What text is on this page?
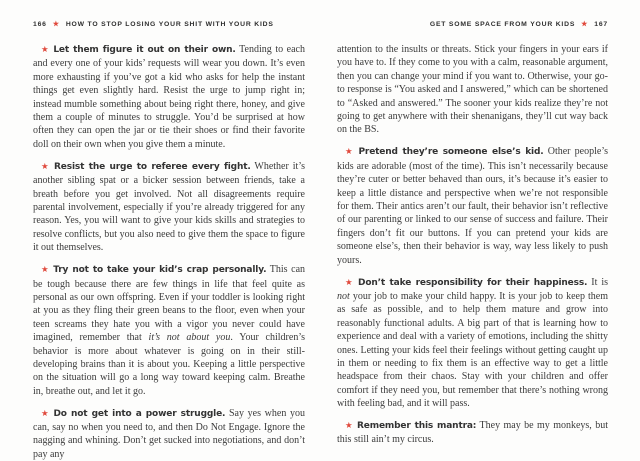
166 ★ HOW TO STOP LOSING YOUR SHIT WITH YOUR KIDS

★ Let them figure it out on their own. Tending to each and every one of your kids’ requests will wear you down. It’s even more exhausting if you’ve got a kid who asks for help the instant things get even slightly hard. Resist the urge to jump right in; instead mumble something about being right there, honey, and give them a couple of minutes to struggle. You’d be surprised at how often they can open the jar or tie their shoes or find their favorite doll on their own when you give them a minute.

★ Resist the urge to referee every fight. Whether it’s another sibling spat or a bicker session between friends, take a breath before you get involved. Not all disagreements require parental involvement, especially if you’re already triggered for any reason. Yes, you will want to give your kids skills and strategies to resolve conflicts, but you also need to give them the space to figure it out themselves.

★ Try not to take your kid’s crap personally. This can be tough because there are few things in life that feel quite as personal as our own offspring. Even if your toddler is looking right at you as they fling their green beans to the floor, even when your teen screams they hate you with a vigor you never could have imagined, remember that it’s not about you. Your children’s behavior is more about whatever is going on in their still-developing brains than it is about you. Keeping a little perspective on the situation will go a long way toward keeping calm. Breathe in, breathe out, and let it go.

★ Do not get into a power struggle. Say yes when you can, say no when you need to, and then Do Not Engage. Ignore the nagging and whining. Don’t get sucked into negotiations, and don’t pay any

GET SOME SPACE FROM YOUR KIDS ★ 167

attention to the insults or threats. Stick your fingers in your ears if you have to. If they come to you with a calm, reasonable argument, then you can change your mind if you want to. Otherwise, your go-to response is “You asked and I answered,” which can be shortened to “Asked and answered.” The sooner your kids realize they’re not going to get anywhere with their shenanigans, they’ll cut way back on the BS.

★ Pretend they’re someone else’s kid. Other people’s kids are adorable (most of the time). This isn’t necessarily because they’re cuter or better behaved than ours, it’s because it’s easier to keep a little distance and perspective when we’re not responsible for them. Their antics aren’t our fault, their behavior isn’t reflective of our parenting or linked to our sense of success and failure. Their fingers don’t fit our buttons. If you can pretend your kids are someone else’s, then their behavior is way, way less likely to push yours.

★ Don’t take responsibility for their happiness. It is not your job to make your child happy. It is your job to keep them as safe as possible, and to help them mature and grow into reasonably functional adults. A big part of that is learning how to experience and deal with a variety of emotions, including the shitty ones. Letting your kids feel their feelings without getting caught up in them or needing to fix them is an effective way to get a little headspace from their chaos. Stay with your children and offer comfort if they need you, but remember that there’s nothing wrong with feeling bad, and it will pass.

★ Remember this mantra: They may be my monkeys, but this still ain’t my circus.
